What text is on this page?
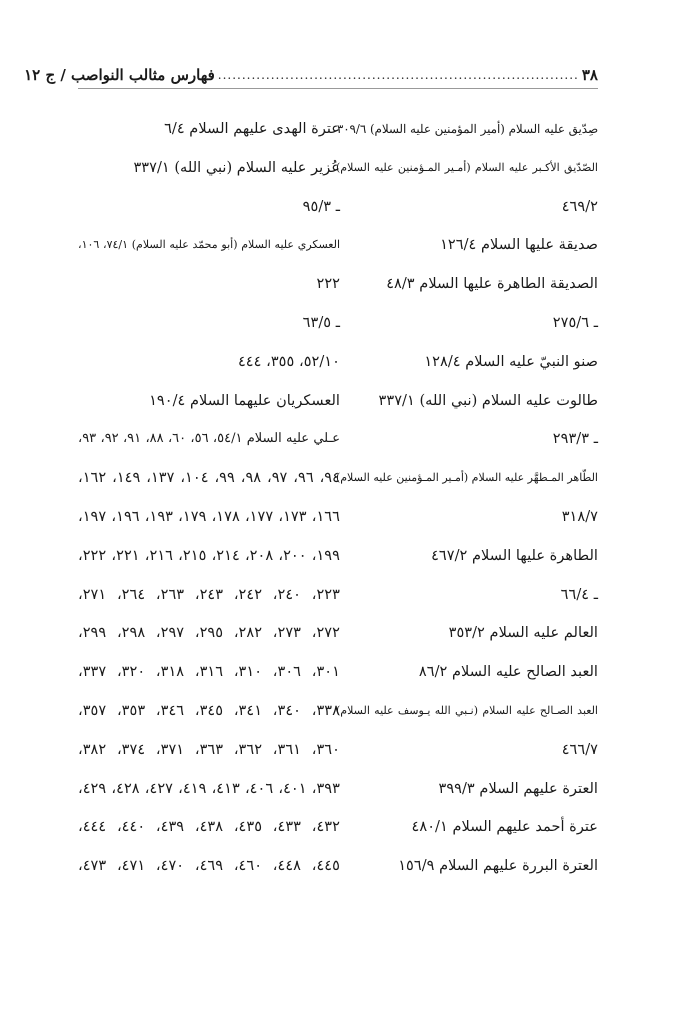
٣٨
...........................................................................
فهارس مثالب النواصب / ج ١٢
صِدّيق عليه السلام (أمير المؤمنين عليه السلام) ٣٠٩/٦
الصّدّيق الأكـبر عليه السلام (أمـير المـؤمنين عليه السلام)
٤٦٩/٢
صديقة عليها السلام ١٢٦/٤
الصديقة الطاهرة عليها السلام ٤٨/٣
ـ ٢٧٥/٦
صنو النبيّ عليه السلام ١٢٨/٤
طالوت عليه السلام (نبي الله) ٣٣٧/١
ـ ٢٩٣/٣
الطّاهر المـطهَّر عليه السلام (أمـير المـؤمنين عليه السلام)
٣١٨/٧
الطاهرة عليها السلام ٤٦٧/٢
ـ ٦٦/٤
العالم عليه السلام ٣٥٣/٢
العبد الصالح عليه السلام ٨٦/٢
العبد الصـالح عليه السلام (نـبي الله يـوسف عليه السلام)
٤٦٦/٧
العترة عليهم السلام ٣٩٩/٣
عترة أحمد عليهم السلام ٤٨٠/١
العترة البررة عليهم السلام ١٥٦/٩
عترة الهدى عليهم السلام ٦/٤
عُزير عليه السلام (نبي الله) ٣٣٧/١
ـ ٩٥/٣
العسكري عليه السلام (أبو محمّد عليه السلام) ٧٤/١، ١٠٦،
٢٢٢
ـ ٦٣/٥
٥٢/١٠، ٣٥٥، ٤٤٤
العسكريان عليهما السلام ١٩٠/٤
عـلي عليه السلام ٥٤/١، ٥٦، ٦٠، ٨٨، ٩١، ٩٢، ٩٣،
٩٤، ٩٦، ٩٧، ٩٨، ٩٩، ١٠٤، ١٣٧، ١٤٩، ١٦٢،
١٦٦، ١٧٣، ١٧٧، ١٧٨، ١٧٩، ١٩٣، ١٩٦، ١٩٧،
١٩٩، ٢٠٠، ٢٠٨، ٢١٤، ٢١٥، ٢١٦، ٢٢١، ٢٢٢،
٢٢٣، ٢٤٠، ٢٤٢، ٢٤٣، ٢٦٣، ٢٦٤، ٢٧١،
٢٧٢، ٢٧٣، ٢٨٢، ٢٩٥، ٢٩٧، ٢٩٨، ٢٩٩،
٣٠١، ٣٠٦، ٣١٠، ٣١٦، ٣١٨، ٣٢٠، ٣٣٧،
٣٣٨، ٣٤٠، ٣٤١، ٣٤٥، ٣٤٦، ٣٥٣، ٣٥٧،
٣٦٠، ٣٦١، ٣٦٢، ٣٦٣، ٣٧١، ٣٧٤، ٣٨٢،
٣٩٣، ٤٠١، ٤٠٦، ٤١٣، ٤١٩، ٤٢٧، ٤٢٨، ٤٢٩،
٤٣٢، ٤٣٣، ٤٣٥، ٤٣٨، ٤٣٩، ٤٤٠، ٤٤٤،
٤٤٥، ٤٤٨، ٤٦٠، ٤٦٩، ٤٧٠، ٤٧١، ٤٧٣،
